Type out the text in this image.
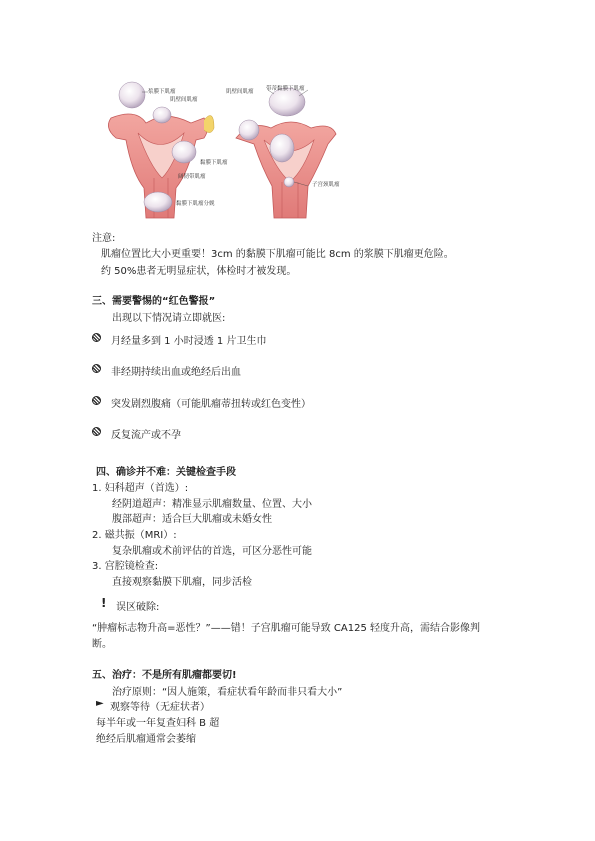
浆膜下肌瘤
肌壁间肌瘤
肌壁间肌瘤 带蒂黏膜下肌瘤
阔韧带肌瘤
黏膜下肌瘤
黏膜下肌瘤分娩
子宫颈肌瘤
注意:
肌瘤位置比大小更重要！3cm 的黏膜下肌瘤可能比 8cm 的浆膜下肌瘤更危险。
约 50%患者无明显症状，体检时才被发现。
三、需要警惕的“红色警报”
出现以下情况请立即就医:
月经量多到 1 小时浸透 1 片卫生巾
非经期持续出血或绝经后出血
突发剧烈腹痛（可能肌瘤蒂扭转或红色变性）
反复流产或不孕
四、确诊并不难：关键检查手段
1. 妇科超声（首选）:
经阴道超声：精准显示肌瘤数量、位置、大小
腹部超声：适合巨大肌瘤或未婚女性
2. 磁共振（MRI）:
复杂肌瘤或术前评估的首选，可区分恶性可能
3. 宫腔镜检查:
直接观察黏膜下肌瘤，同步活检
! 误区破除:
“肿瘤标志物升高=恶性？”——错！子宫肌瘤可能导致 CA125 轻度升高，需结合影像判
断。
五、治疗：不是所有肌瘤都要切!
治疗原则：“因人施策，看症状看年龄而非只看大小”
► 观察等待（无症状者）
每半年或一年复查妇科 B 超
绝经后肌瘤通常会萎缩
